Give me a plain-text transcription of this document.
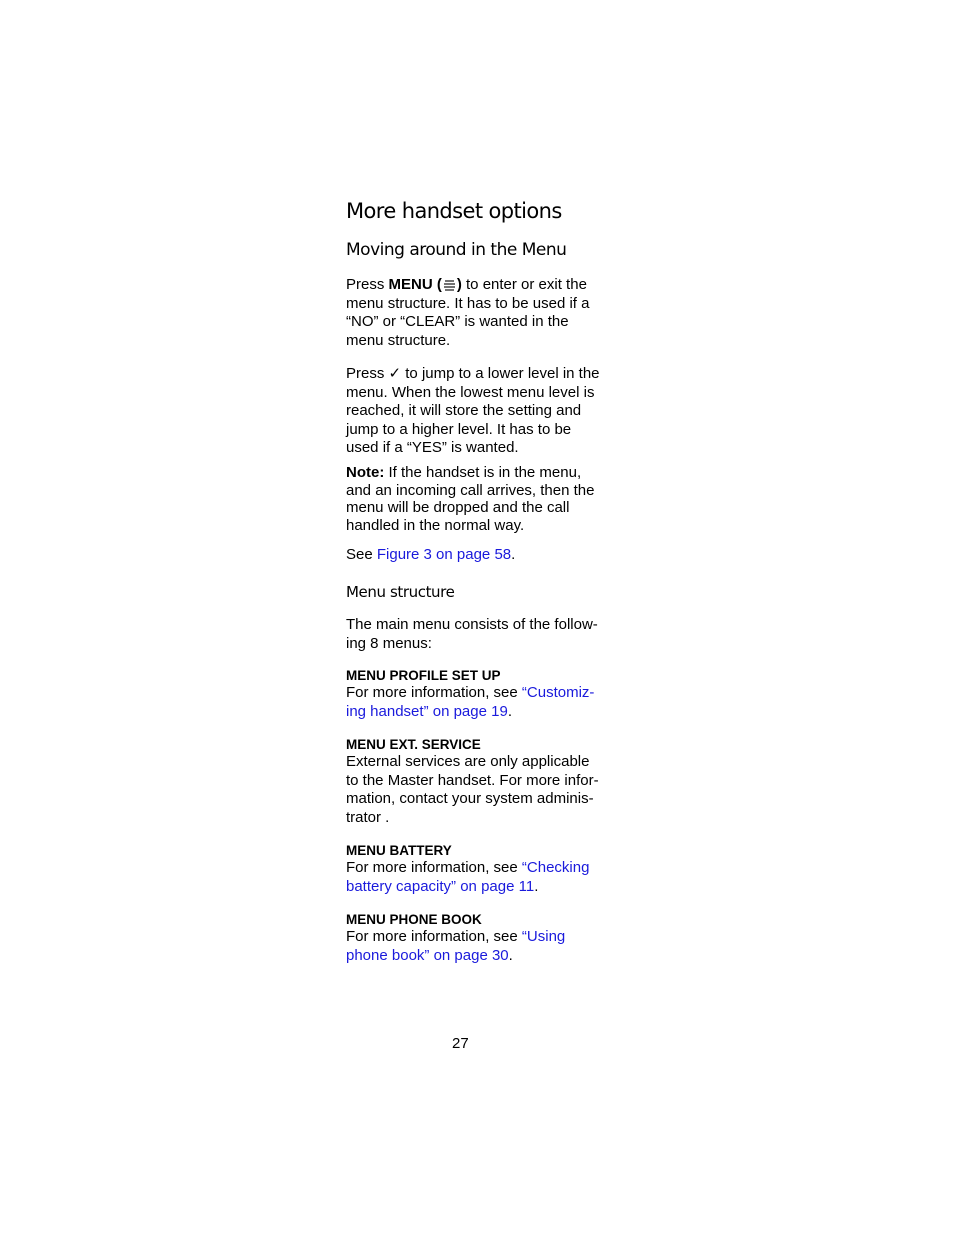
More handset options
Moving around in the Menu
Press MENU ( ) to enter or exit the
menu structure. It has to be used if a
“NO” or “CLEAR” is wanted in the
menu structure.
Press ✓ to jump to a lower level in the
menu. When the lowest menu level is
reached, it will store the setting and
jump to a higher level. It has to be
used if a “YES” is wanted.
Note: If the handset is in the menu,
and an incoming call arrives, then the
menu will be dropped and the call
handled in the normal way.
See Figure 3 on page 58.
Menu structure
The main menu consists of the follow-
ing 8 menus:
MENU PROFILE SET UP
For more information, see “Customiz-
ing handset” on page 19.
MENU EXT. SERVICE
External services are only applicable
to the Master handset. For more infor-
mation, contact your system adminis-
trator .
MENU BATTERY
For more information, see “Checking
battery capacity” on page 11.
MENU PHONE BOOK
For more information, see “Using
phone book” on page 30.
27
